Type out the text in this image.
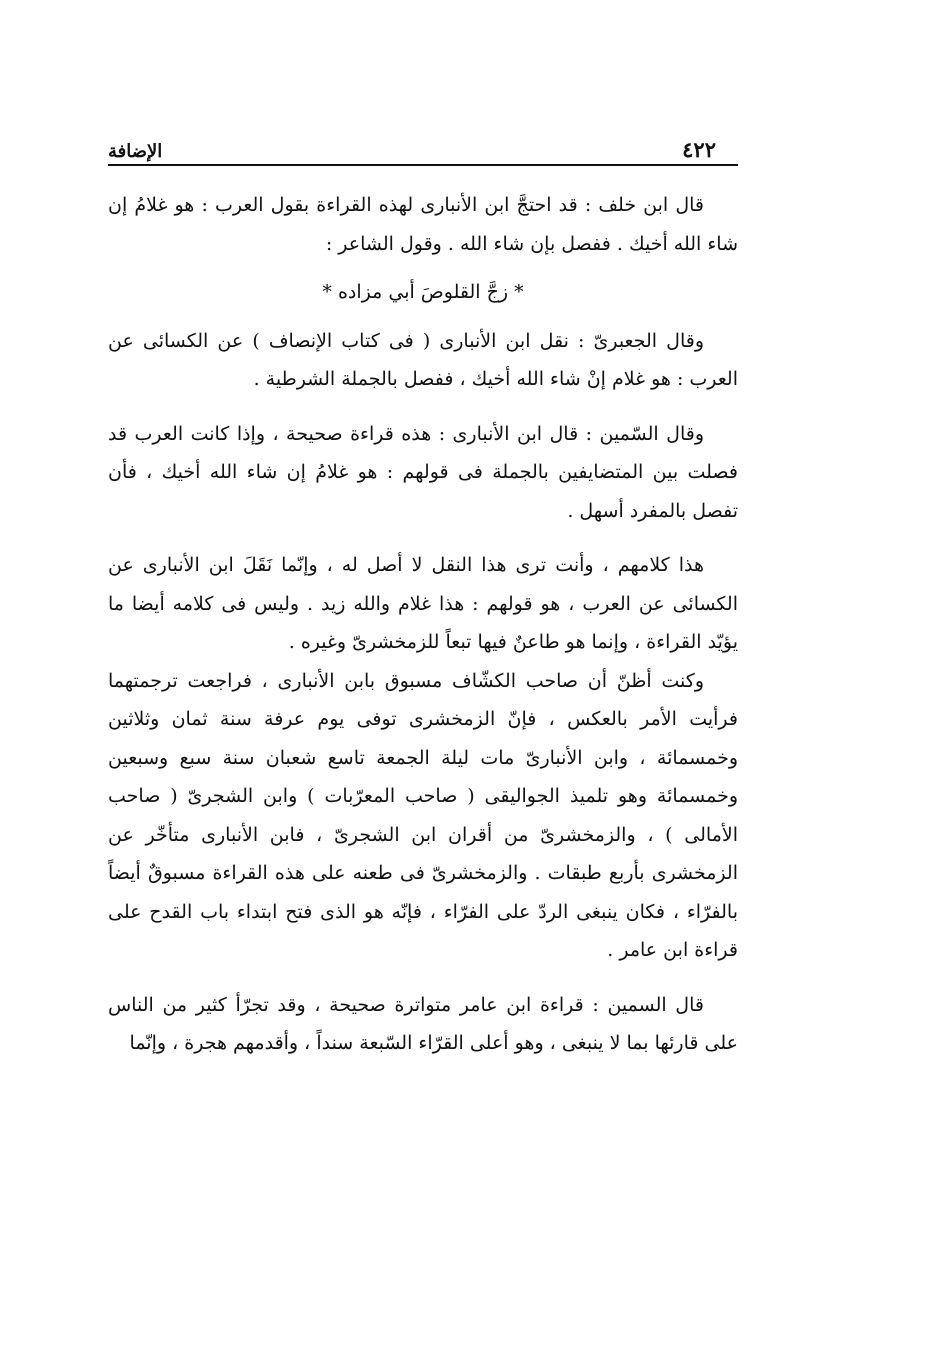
٤٢٢
الإضافة

قال ابن خلف : قد احتجَّ ابن الأنبارى لهذه القراءة بقول العرب : هو غلامُ إن شاء الله أخيك . ففصل بإن شاء الله . وقول الشاعر :

* زجَّ القلوصَ أبي مزاده *

وقال الجعبرىّ : نقل ابن الأنبارى ( فى كتاب الإنصاف ) عن الكسائى عن العرب : هو غلام إنْ شاء الله أخيك ، ففصل بالجملة الشرطية .

وقال السّمين : قال ابن الأنبارى : هذه قراءة صحيحة ، وإذا كانت العرب قد فصلت بين المتضايفين بالجملة فى قولهم : هو غلامُ إن شاء الله أخيك ، فأن تفصل بالمفرد أسهل .

هذا كلامهم ، وأنت ترى هذا النقل لا أصل له ، وإنّما نَقَلَ ابن الأنبارى عن الكسائى عن العرب ، هو قولهم : هذا غلام والله زيد . وليس فى كلامه أيضا ما يؤيّد القراءة ، وإنما هو طاعنٌ فيها تبعاً للزمخشرىّ وغيره .

وكنت أظنّ أن صاحب الكشّاف مسبوق بابن الأنبارى ، فراجعت ترجمتهما فرأيت الأمر بالعكس ، فإنّ الزمخشرى توفى يوم عرفة سنة ثمان وثلاثين وخمسمائة ، وابن الأنبارىّ مات ليلة الجمعة تاسع شعبان سنة سبع وسبعين وخمسمائة وهو تلميذ الجواليقى ( صاحب المعرّبات ) وابن الشجرىّ ( صاحب الأمالى ) ، والزمخشرىّ من أقران ابن الشجرىّ ، فابن الأنبارى متأخّر عن الزمخشرى بأربع طبقات . والزمخشرىّ فى طعنه على هذه القراءة مسبوقٌ أيضاً بالفرّاء ، فكان ينبغى الردّ على الفرّاء ، فإنّه هو الذى فتح ابتداء باب القدح على قراءة ابن عامر .

قال السمين : قراءة ابن عامر متواترة صحيحة ، وقد تجرّأ كثير من الناس على قارئها بما لا ينبغى ، وهو أعلى القرّاء السّبعة سنداً ، وأقدمهم هجرة ، وإنّما
